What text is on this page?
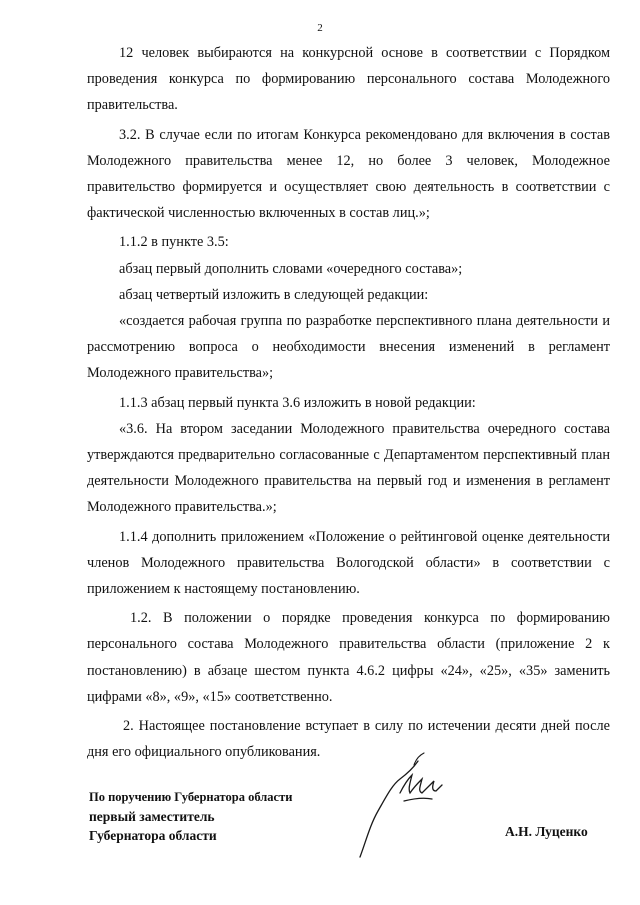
2

12 человек выбираются на конкурсной основе в соответствии с Порядком проведения конкурса по формированию персонального состава Молодежного правительства.

3.2. В случае если по итогам Конкурса рекомендовано для включения в состав Молодежного правительства менее 12, но более 3 человек, Молодежное правительство формируется и осуществляет свою деятельность в соответствии с фактической численностью включенных в состав лиц.»;

1.1.2 в пункте 3.5:

абзац первый дополнить словами «очередного состава»;

абзац четвертый изложить в следующей редакции:

«создается рабочая группа по разработке перспективного плана деятельности и рассмотрению вопроса о необходимости внесения изменений в регламент Молодежного правительства»;

1.1.3 абзац первый пункта 3.6 изложить в новой редакции:

«3.6. На втором заседании Молодежного правительства очередного состава утверждаются предварительно согласованные с Департаментом перспективный план деятельности Молодежного правительства на первый год и изменения в регламент Молодежного правительства.»;

1.1.4 дополнить приложением «Положение о рейтинговой оценке деятельности членов Молодежного правительства Вологодской области» в соответствии с приложением к настоящему постановлению.

1.2. В положении о порядке проведения конкурса по формированию персонального состава Молодежного правительства области (приложение 2 к постановлению) в абзаце шестом пункта 4.6.2 цифры «24», «25», «35» заменить цифрами «8», «9», «15» соответственно.

2. Настоящее постановление вступает в силу по истечении десяти дней после дня его официального опубликования.

По поручению Губернатора области
первый заместитель
Губернатора области	А.Н. Луценко
